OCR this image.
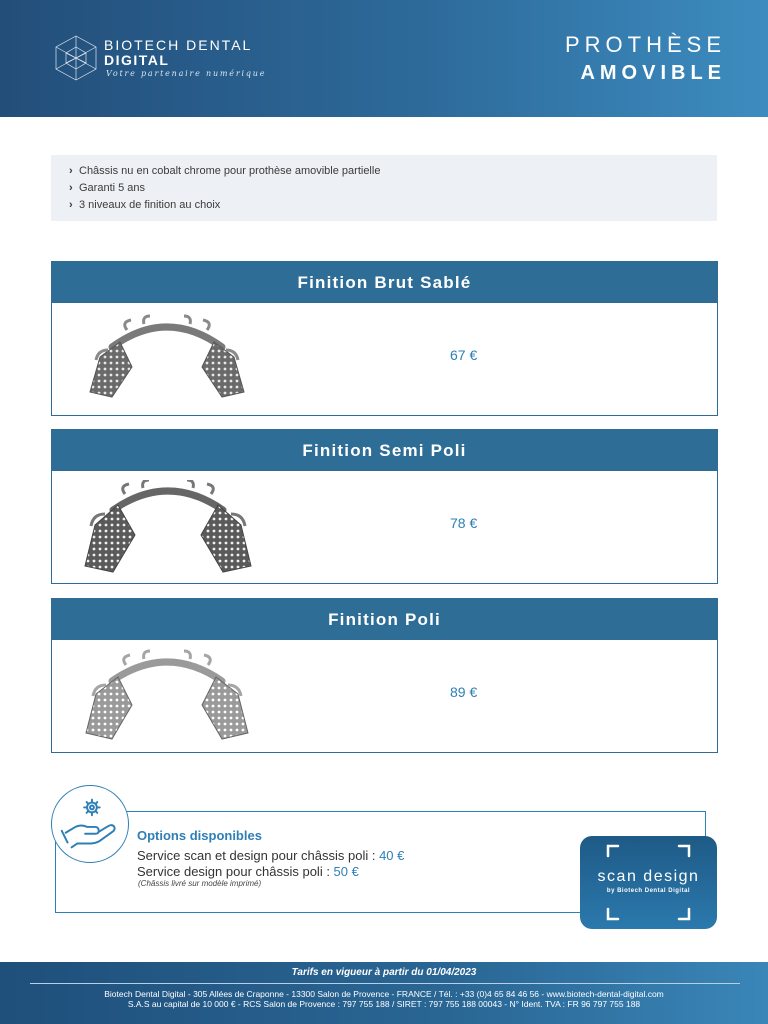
BIOTECH DENTAL
DIGITAL
Votre partenaire numérique
PROTHÈSE
AMOVIBLE
› Châssis nu en cobalt chrome pour prothèse amovible partielle
› Garanti 5 ans
› 3 niveaux de finition au choix
Finition Brut Sablé
67 €
Finition Semi Poli
78 €
Finition Poli
89 €
Options disponibles
Service scan et design pour châssis poli : 40 €
Service design pour châssis poli : 50 €
(Châssis livré sur modèle imprimé)	scan design
by Biotech Dental Digital
Tarifs en vigueur à partir du 01/04/2023
Biotech Dental Digital - 305 Allées de Craponne - 13300 Salon de Provence - FRANCE / Tél. : +33 (0)4 65 84 46 56 - www.biotech-dental-digital.com
S.A.S au capital de 10 000 € - RCS Salon de Provence : 797 755 188 / SIRET : 797 755 188 00043 - N° Ident. TVA : FR 96 797 755 188
